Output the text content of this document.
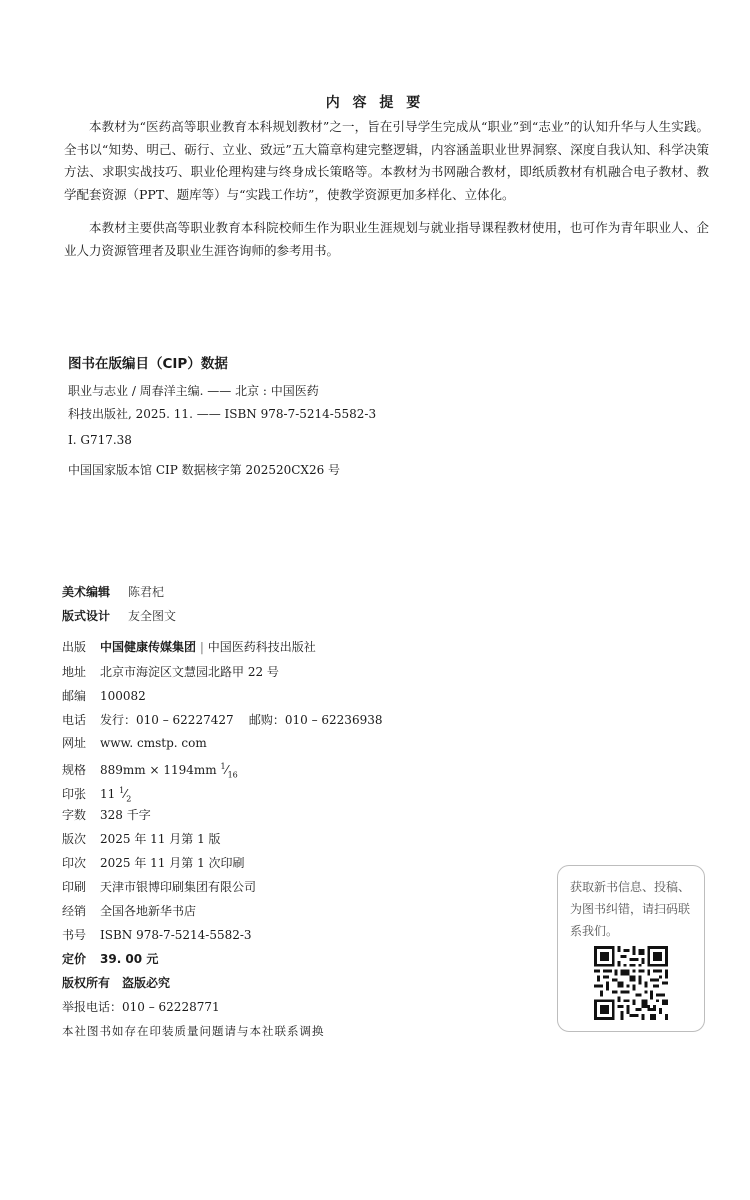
内 容 提 要

本教材为“医药高等职业教育本科规划教材”之一，旨在引导学生完成从“职业”到“志业”的认知升华与人生实践。全书以“知势、明己、砺行、立业、致远”五大篇章构建完整逻辑，内容涵盖职业世界洞察、深度自我认知、科学决策方法、求职实战技巧、职业伦理构建与终身成长策略等。本教材为书网融合教材，即纸质教材有机融合电子教材、教学配套资源（PPT、题库等）与“实践工作坊”，使教学资源更加多样化、立体化。

本教材主要供高等职业教育本科院校师生作为职业生涯规划与就业指导课程教材使用，也可作为青年职业人、企业人力资源管理者及职业生涯咨询师的参考用书。

图书在版编目（CIP）数据
职业与志业 / 周春洋主编. —— 北京 : 中国医药
科技出版社, 2025. 11. —— ISBN 978-7-5214-5582-3
Ⅰ. G717.38
中国国家版本馆 CIP 数据核字第 202520CX26 号
美术编辑 陈君杞
版式设计 友全图文
出版 中国健康传媒集团 | 中国医药科技出版社
地址 北京市海淀区文慧园北路甲 22 号
邮编 100082
电话 发行：010 – 62227427    邮购：010 – 62236938
网址 www. cmstp. com
规格 889mm × 1194mm $^1⁄_{16}$
印张 11 $^1⁄_2$
字数 328 千字
版次 2025 年 11 月第 1 版
印次 2025 年 11 月第 1 次印刷
印刷 天津市银博印刷集团有限公司
经销 全国各地新华书店
书号 ISBN 978-7-5214-5582-3
定价 39. 00 元
版权所有　盗版必究
举报电话：010 – 62228771
本社图书如存在印装质量问题请与本社联系调换
获取新书信息、投稿、为图书纠错，请扫码联系我们。
